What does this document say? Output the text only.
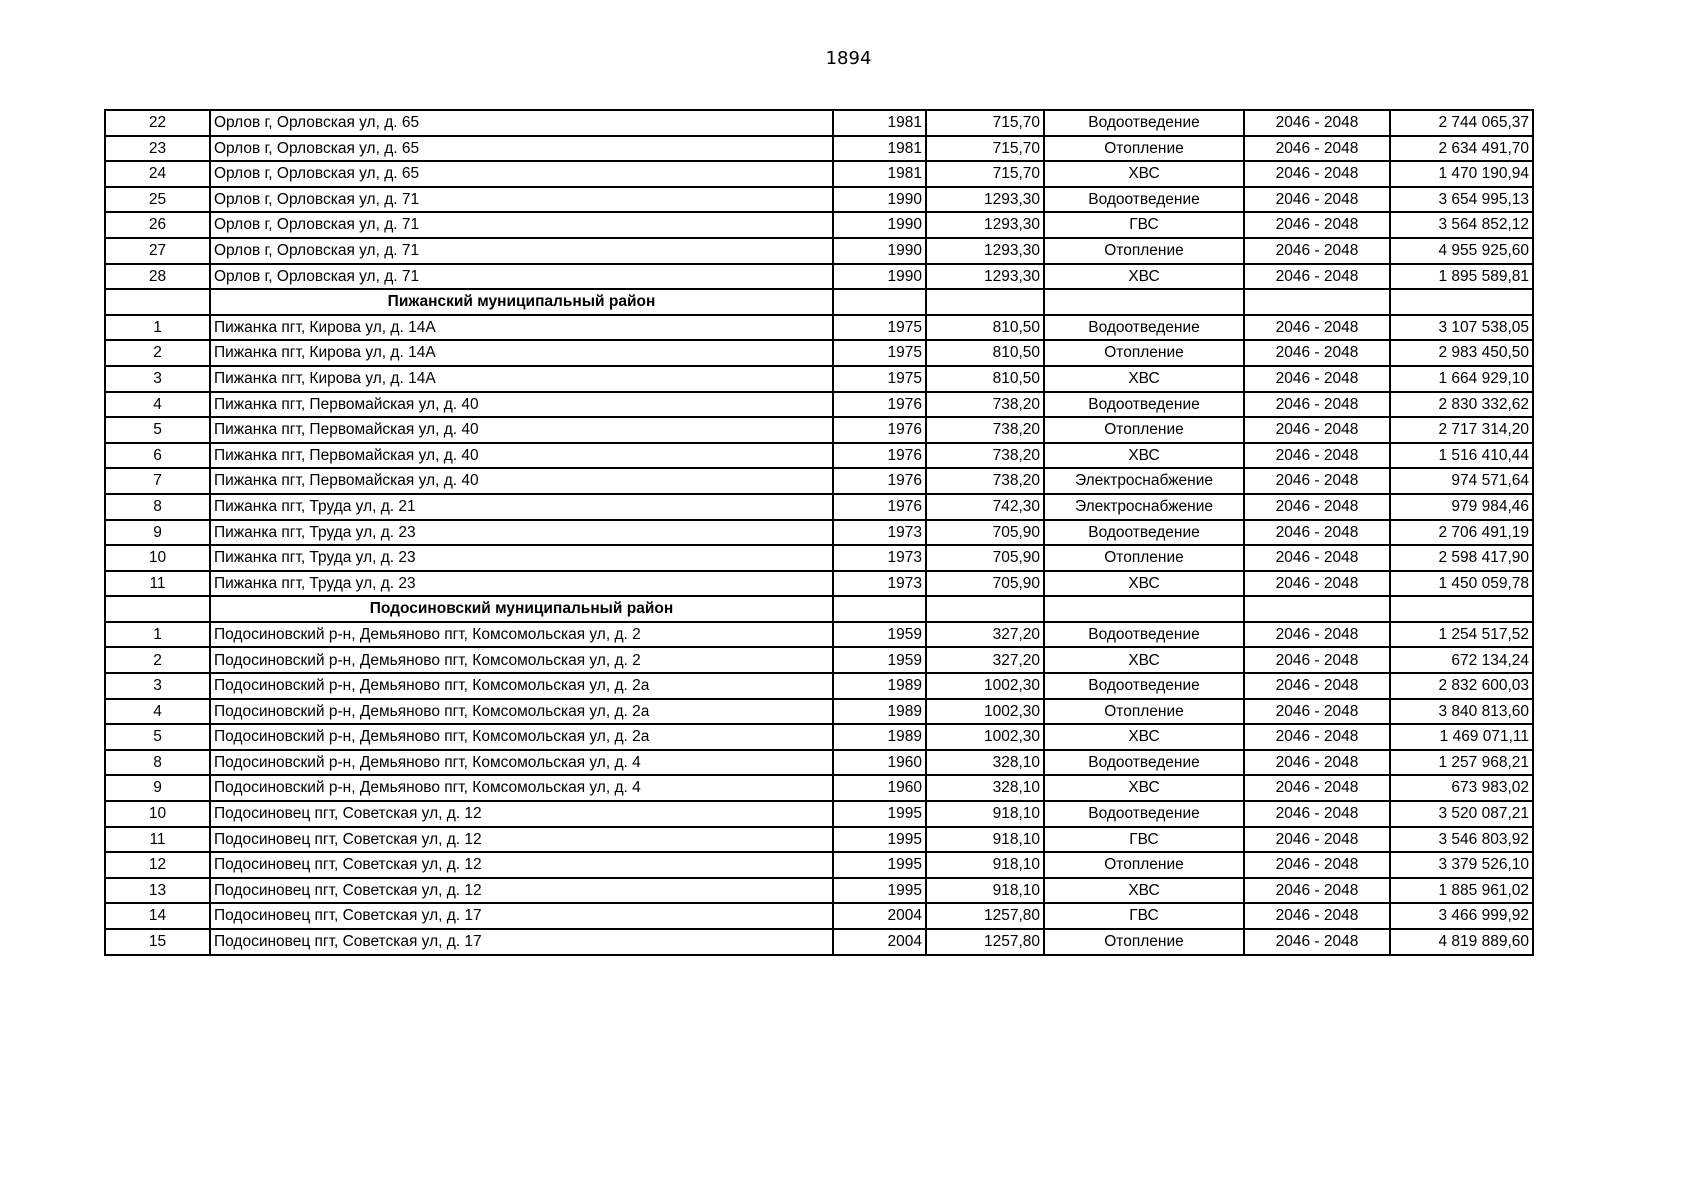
1894
22	Орлов г, Орловская ул, д. 65	1981	715,70	Водоотведение	2046 - 2048	2 744 065,37
23	Орлов г, Орловская ул, д. 65	1981	715,70	Отопление	2046 - 2048	2 634 491,70
24	Орлов г, Орловская ул, д. 65	1981	715,70	ХВС	2046 - 2048	1 470 190,94
25	Орлов г, Орловская ул, д. 71	1990	1293,30	Водоотведение	2046 - 2048	3 654 995,13
26	Орлов г, Орловская ул, д. 71	1990	1293,30	ГВС	2046 - 2048	3 564 852,12
27	Орлов г, Орловская ул, д. 71	1990	1293,30	Отопление	2046 - 2048	4 955 925,60
28	Орлов г, Орловская ул, д. 71	1990	1293,30	ХВС	2046 - 2048	1 895 589,81
	Пижанский муниципальный район					
1	Пижанка пгт, Кирова ул, д. 14А	1975	810,50	Водоотведение	2046 - 2048	3 107 538,05
2	Пижанка пгт, Кирова ул, д. 14А	1975	810,50	Отопление	2046 - 2048	2 983 450,50
3	Пижанка пгт, Кирова ул, д. 14А	1975	810,50	ХВС	2046 - 2048	1 664 929,10
4	Пижанка пгт, Первомайская ул, д. 40	1976	738,20	Водоотведение	2046 - 2048	2 830 332,62
5	Пижанка пгт, Первомайская ул, д. 40	1976	738,20	Отопление	2046 - 2048	2 717 314,20
6	Пижанка пгт, Первомайская ул, д. 40	1976	738,20	ХВС	2046 - 2048	1 516 410,44
7	Пижанка пгт, Первомайская ул, д. 40	1976	738,20	Электроснабжение	2046 - 2048	974 571,64
8	Пижанка пгт, Труда ул, д. 21	1976	742,30	Электроснабжение	2046 - 2048	979 984,46
9	Пижанка пгт, Труда ул, д. 23	1973	705,90	Водоотведение	2046 - 2048	2 706 491,19
10	Пижанка пгт, Труда ул, д. 23	1973	705,90	Отопление	2046 - 2048	2 598 417,90
11	Пижанка пгт, Труда ул, д. 23	1973	705,90	ХВС	2046 - 2048	1 450 059,78
	Подосиновский муниципальный район					
1	Подосиновский р-н, Демьяново пгт, Комсомольская ул, д. 2	1959	327,20	Водоотведение	2046 - 2048	1 254 517,52
2	Подосиновский р-н, Демьяново пгт, Комсомольская ул, д. 2	1959	327,20	ХВС	2046 - 2048	672 134,24
3	Подосиновский р-н, Демьяново пгт, Комсомольская ул, д. 2а	1989	1002,30	Водоотведение	2046 - 2048	2 832 600,03
4	Подосиновский р-н, Демьяново пгт, Комсомольская ул, д. 2а	1989	1002,30	Отопление	2046 - 2048	3 840 813,60
5	Подосиновский р-н, Демьяново пгт, Комсомольская ул, д. 2а	1989	1002,30	ХВС	2046 - 2048	1 469 071,11
8	Подосиновский р-н, Демьяново пгт, Комсомольская ул, д. 4	1960	328,10	Водоотведение	2046 - 2048	1 257 968,21
9	Подосиновский р-н, Демьяново пгт, Комсомольская ул, д. 4	1960	328,10	ХВС	2046 - 2048	673 983,02
10	Подосиновец пгт, Советская ул, д. 12	1995	918,10	Водоотведение	2046 - 2048	3 520 087,21
11	Подосиновец пгт, Советская ул, д. 12	1995	918,10	ГВС	2046 - 2048	3 546 803,92
12	Подосиновец пгт, Советская ул, д. 12	1995	918,10	Отопление	2046 - 2048	3 379 526,10
13	Подосиновец пгт, Советская ул, д. 12	1995	918,10	ХВС	2046 - 2048	1 885 961,02
14	Подосиновец пгт, Советская ул, д. 17	2004	1257,80	ГВС	2046 - 2048	3 466 999,92
15	Подосиновец пгт, Советская ул, д. 17	2004	1257,80	Отопление	2046 - 2048	4 819 889,60
